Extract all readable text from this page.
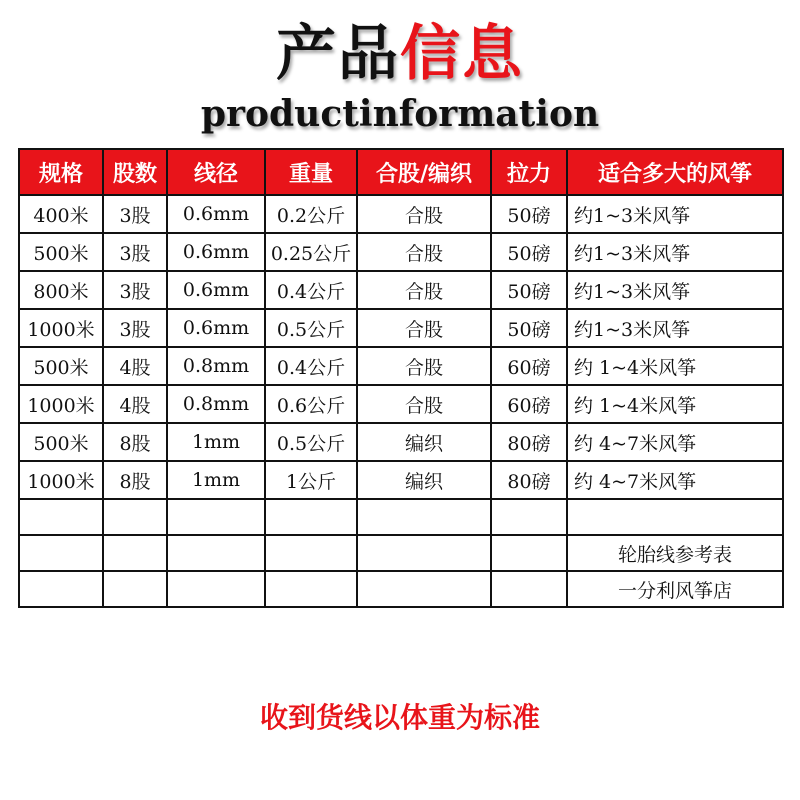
产品信息
productinformation
规格	股数	线径	重量	合股/编织	拉力	适合多大的风筝
400米	3股	0.6mm	0.2公斤	合股	50磅	约1~3米风筝
500米	3股	0.6mm	0.25公斤	合股	50磅	约1~3米风筝
800米	3股	0.6mm	0.4公斤	合股	50磅	约1~3米风筝
1000米	3股	0.6mm	0.5公斤	合股	50磅	约1~3米风筝
500米	4股	0.8mm	0.4公斤	合股	60磅	约 1~4米风筝
1000米	4股	0.8mm	0.6公斤	合股	60磅	约 1~4米风筝
500米	8股	1mm	0.5公斤	编织	80磅	约 4~7米风筝
1000米	8股	1mm	1公斤	编织	80磅	约 4~7米风筝

						轮胎线参考表
						一分利风筝店
收到货线以体重为标准
